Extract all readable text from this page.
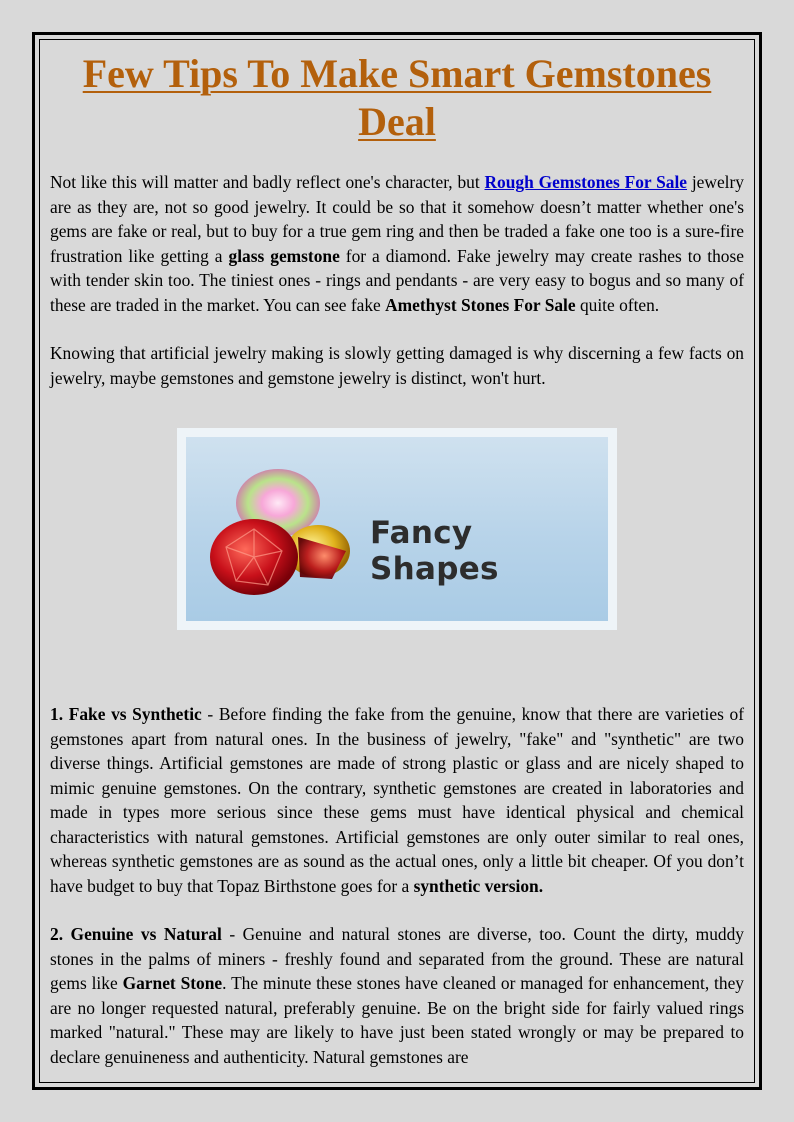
Few Tips To Make Smart Gemstones Deal

Not like this will matter and badly reflect one's character, but Rough Gemstones For Sale jewelry are as they are, not so good jewelry. It could be so that it somehow doesn’t matter whether one's gems are fake or real, but to buy for a true gem ring and then be traded a fake one too is a sure-fire frustration like getting a glass gemstone for a diamond. Fake jewelry may create rashes to those with tender skin too. The tiniest ones - rings and pendants - are very easy to bogus and so many of these are traded in the market. You can see fake Amethyst Stones For Sale quite often.

Knowing that artificial jewelry making is slowly getting damaged is why discerning a few facts on jewelry, maybe gemstones and gemstone jewelry is distinct, won't hurt.

Fancy Shapes

1. Fake vs Synthetic - Before finding the fake from the genuine, know that there are varieties of gemstones apart from natural ones. In the business of jewelry, "fake" and "synthetic" are two diverse things. Artificial gemstones are made of strong plastic or glass and are nicely shaped to mimic genuine gemstones. On the contrary, synthetic gemstones are created in laboratories and made in types more serious since these gems must have identical physical and chemical characteristics with natural gemstones. Artificial gemstones are only outer similar to real ones, whereas synthetic gemstones are as sound as the actual ones, only a little bit cheaper. Of you don’t have budget to buy that Topaz Birthstone goes for a synthetic version.

2. Genuine vs Natural - Genuine and natural stones are diverse, too. Count the dirty, muddy stones in the palms of miners - freshly found and separated from the ground. These are natural gems like Garnet Stone. The minute these stones have cleaned or managed for enhancement, they are no longer requested natural, preferably genuine. Be on the bright side for fairly valued rings marked "natural." These may are likely to have just been stated wrongly or may be prepared to declare genuineness and authenticity. Natural gemstones are
